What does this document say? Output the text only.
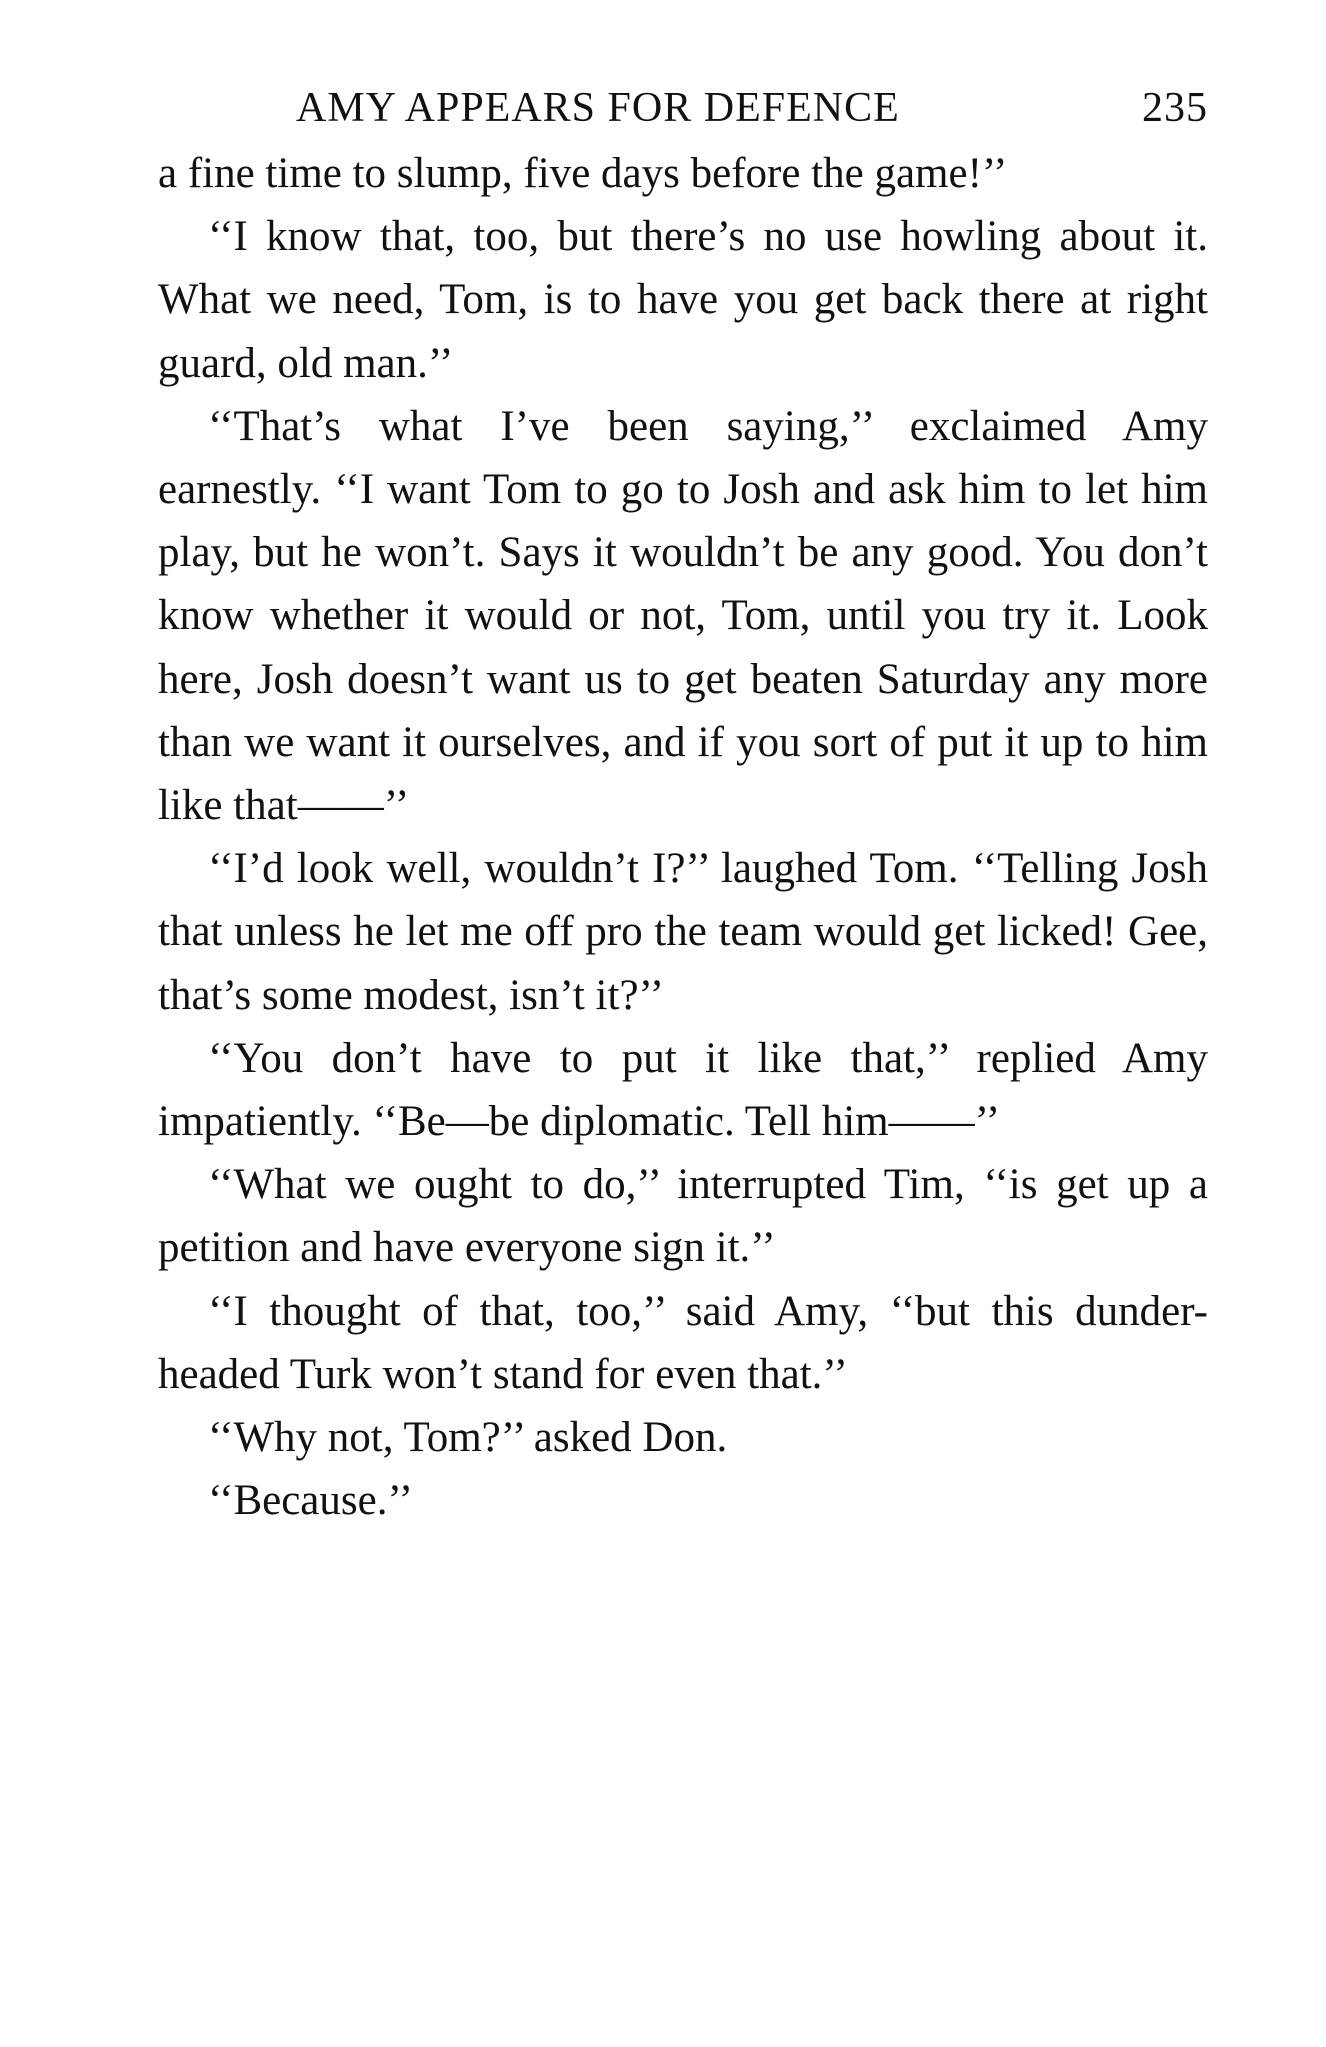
AMY APPEARS FOR DEFENCE	235

a fine time to slump, five days before the game!’’

‘‘I know that, too, but there’s no use howling about it. What we need, Tom, is to have you get back there at right guard, old man.’’

‘‘That’s what I’ve been saying,’’ exclaimed Amy earnestly. ‘‘I want Tom to go to Josh and ask him to let him play, but he won’t. Says it wouldn’t be any good. You don’t know whether it would or not, Tom, until you try it. Look here, Josh doesn’t want us to get beaten Saturday any more than we want it ourselves, and if you sort of put it up to him like that——’’

‘‘I’d look well, wouldn’t I?’’ laughed Tom. ‘‘Telling Josh that unless he let me off pro the team would get licked! Gee, that’s some modest, isn’t it?’’

‘‘You don’t have to put it like that,’’ replied Amy impatiently. ‘‘Be—be diplomatic. Tell him——’’

‘‘What we ought to do,’’ interrupted Tim, ‘‘is get up a petition and have everyone sign it.’’

‘‘I thought of that, too,’’ said Amy, ‘‘but this dunder-headed Turk won’t stand for even that.’’

‘‘Why not, Tom?’’ asked Don.

‘‘Because.’’
